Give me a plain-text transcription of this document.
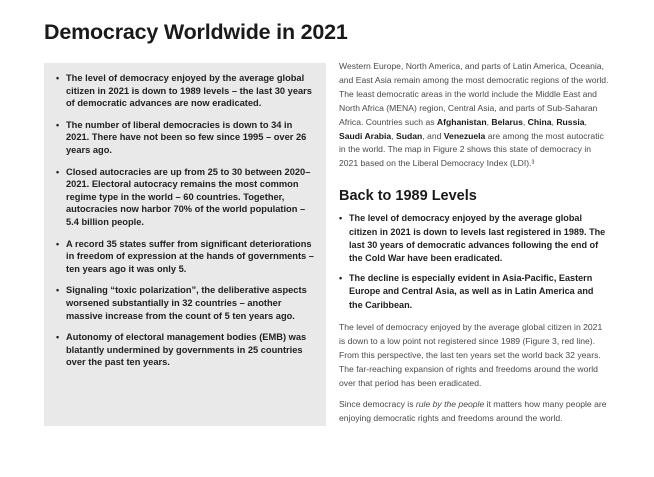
Democracy Worldwide in 2021
• The level of democracy enjoyed by the average global citizen in 2021 is down to 1989 levels – the last 30 years of democratic advances are now eradicated.
• The number of liberal democracies is down to 34 in 2021. There have not been so few since 1995 – over 26 years ago.
• Closed autocracies are up from 25 to 30 between 2020–2021. Electoral autocracy remains the most common regime type in the world – 60 countries. Together, autocracies now harbor 70% of the world population – 5.4 billion people.
• A record 35 states suffer from significant deteriorations in freedom of expression at the hands of governments – ten years ago it was only 5.
• Signaling “toxic polarization”, the deliberative aspects worsened substantially in 32 countries – another massive increase from the count of 5 ten years ago.
• Autonomy of electoral management bodies (EMB) was blatantly undermined by governments in 25 countries over the past ten years.

Western Europe, North America, and parts of Latin America, Oceania, and East Asia remain among the most democratic regions of the world. The least democratic areas in the world include the Middle East and North Africa (MENA) region, Central Asia, and parts of Sub-Saharan Africa. Countries such as Afghanistan, Belarus, China, Russia, Saudi Arabia, Sudan, and Venezuela are among the most autocratic in the world. The map in Figure 2 shows this state of democracy in 2021 based on the Liberal Democracy Index (LDI).³

Back to 1989 Levels
• The level of democracy enjoyed by the average global citizen in 2021 is down to levels last registered in 1989. The last 30 years of democratic advances following the end of the Cold War have been eradicated.
• The decline is especially evident in Asia-Pacific, Eastern Europe and Central Asia, as well as in Latin America and the Caribbean.

The level of democracy enjoyed by the average global citizen in 2021 is down to a low point not registered since 1989 (Figure 3, red line). From this perspective, the last ten years set the world back 32 years. The far-reaching expansion of rights and freedoms around the world over that period has been eradicated.

Since democracy is rule by the people it matters how many people are enjoying democratic rights and freedoms around the world.
